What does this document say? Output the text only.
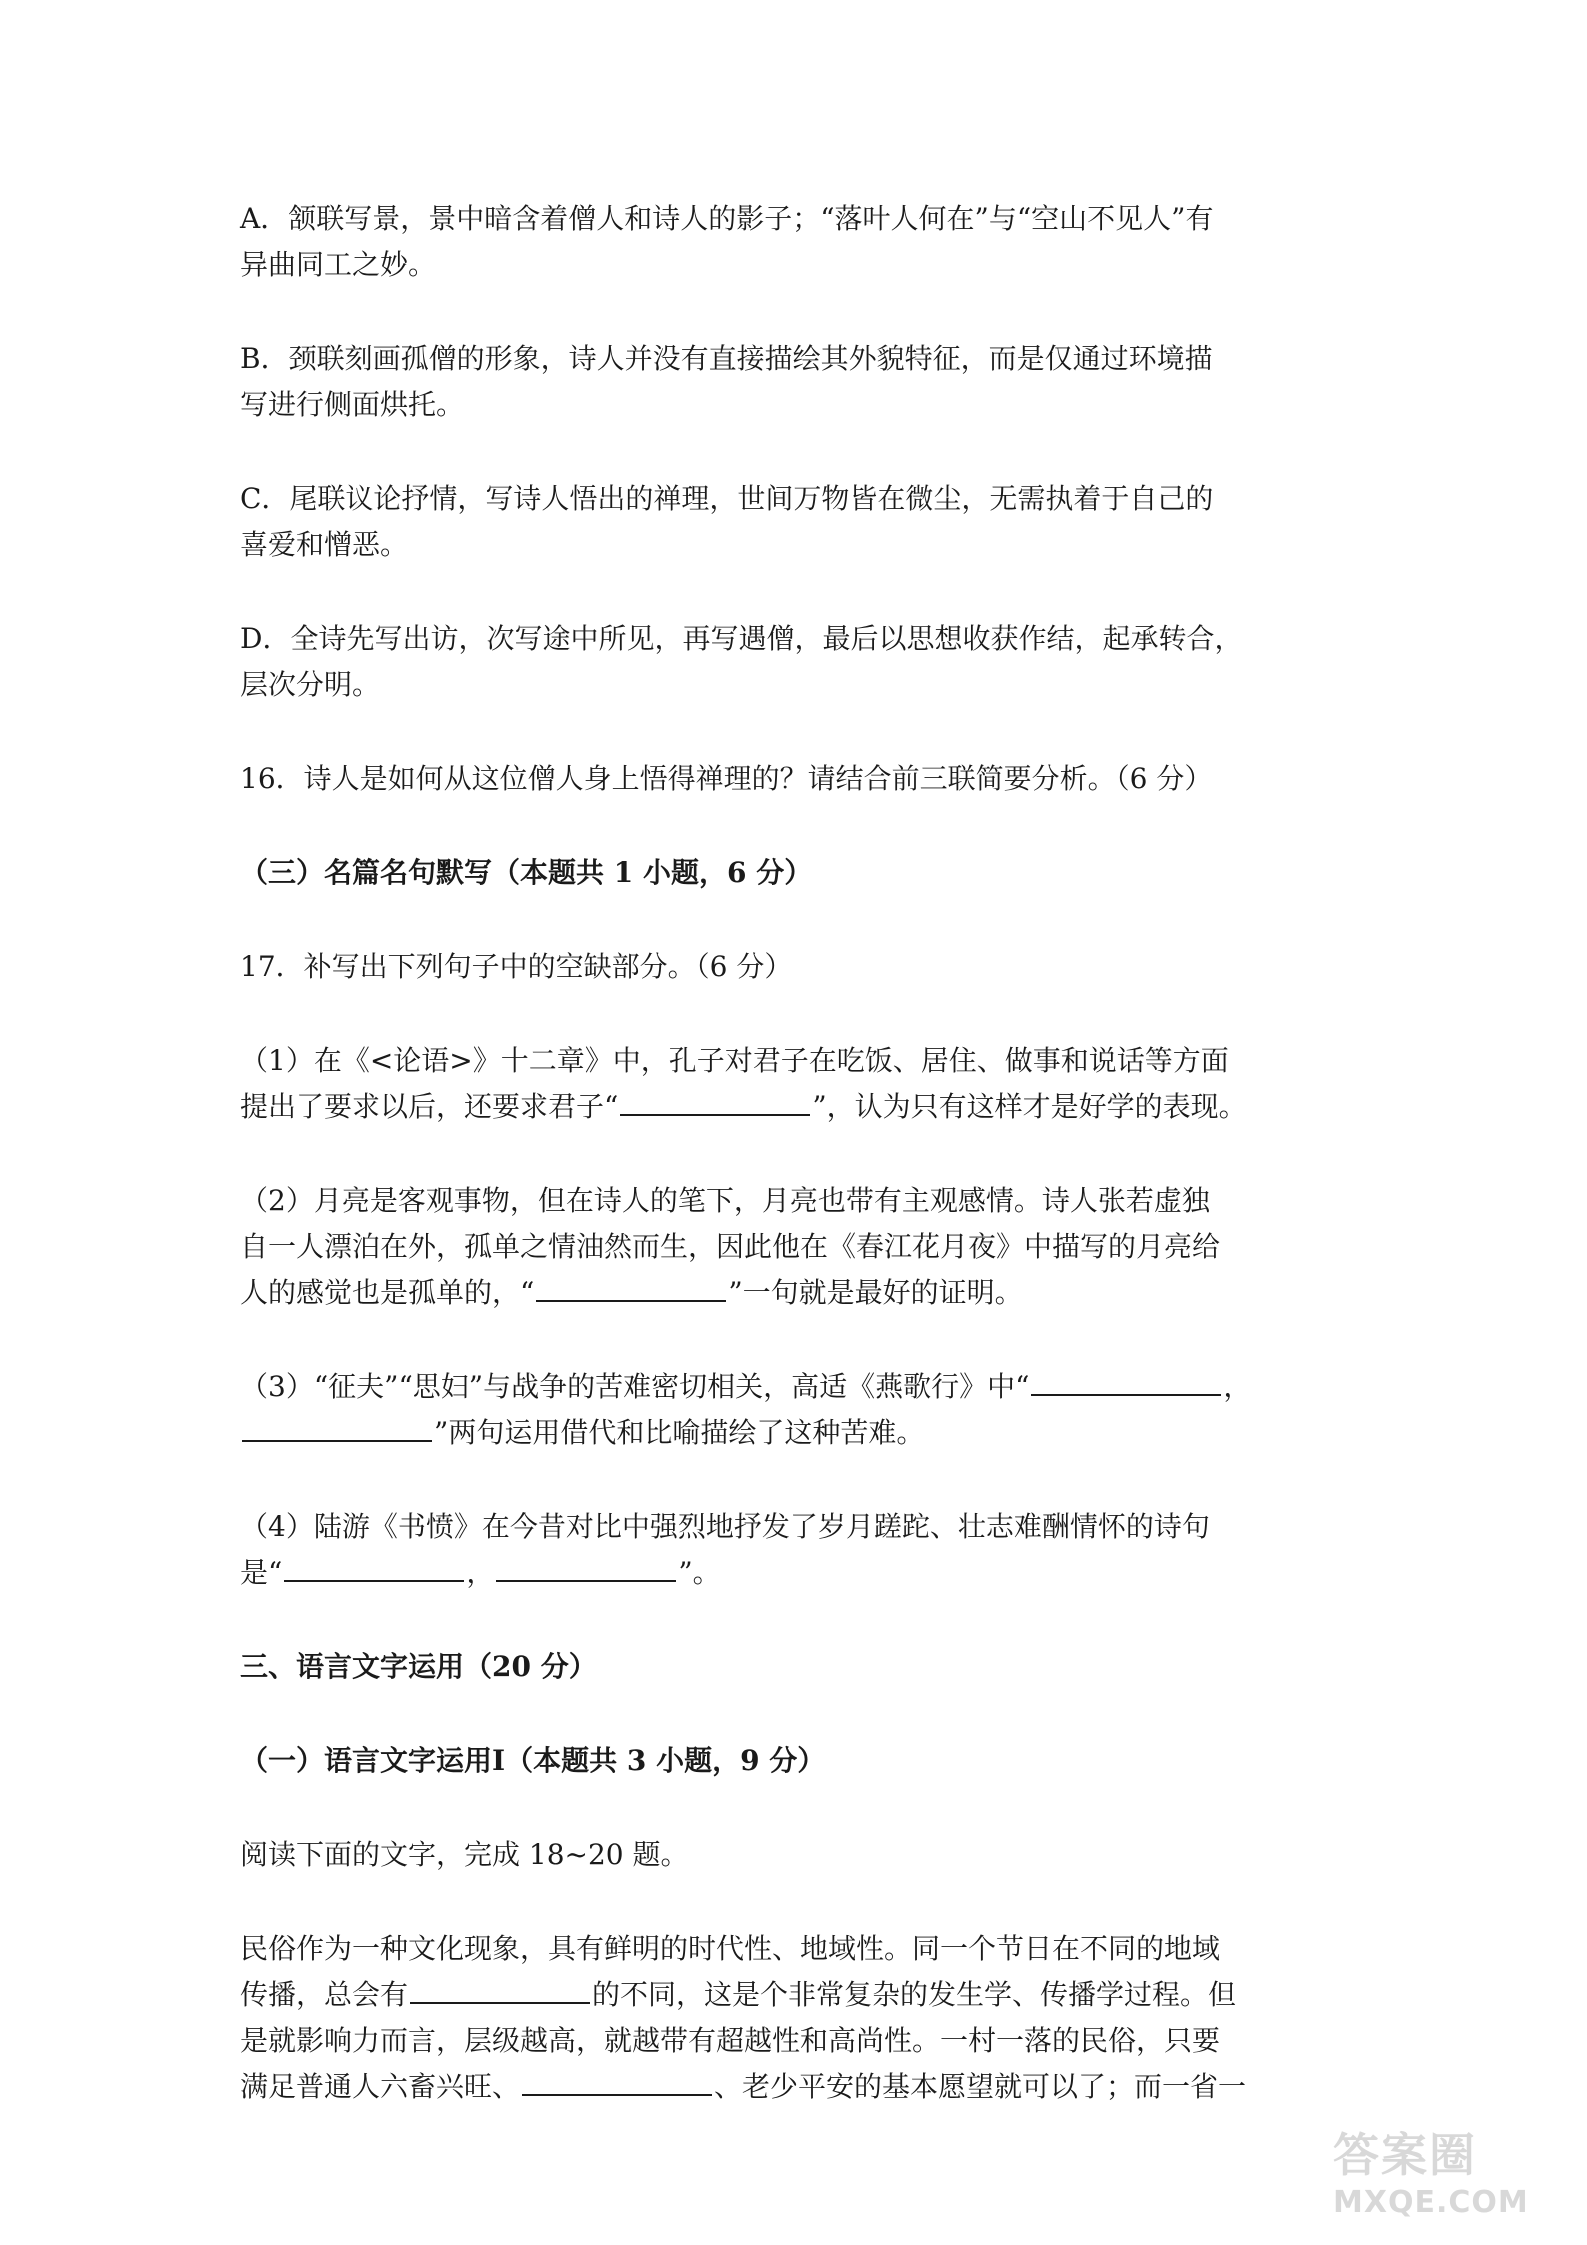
A．颔联写景，景中暗含着僧人和诗人的影子；“落叶人何在”与“空山不见人”有

异曲同工之妙。

B．颈联刻画孤僧的形象，诗人并没有直接描绘其外貌特征，而是仅通过环境描

写进行侧面烘托。

C．尾联议论抒情，写诗人悟出的禅理，世间万物皆在微尘，无需执着于自己的

喜爱和憎恶。

D．全诗先写出访，次写途中所见，再写遇僧，最后以思想收获作结，起承转合，

层次分明。

16．诗人是如何从这位僧人身上悟得禅理的？请结合前三联简要分析。（6 分）

（三）名篇名句默写（本题共 1 小题，6 分）

17．补写出下列句子中的空缺部分。（6 分）

（1）在《<论语>》十二章》中，孔子对君子在吃饭、居住、做事和说话等方面

提出了要求以后，还要求君子“	”，认为只有这样才是好学的表现。

（2）月亮是客观事物，但在诗人的笔下，月亮也带有主观感情。诗人张若虚独

自一人漂泊在外，孤单之情油然而生，因此他在《春江花月夜》中描写的月亮给

人的感觉也是孤单的，“	”一句就是最好的证明。

（3）“征夫”“思妇”与战争的苦难密切相关，高适《燕歌行》中“	，

”两句运用借代和比喻描绘了这种苦难。

（4）陆游《书愤》在今昔对比中强烈地抒发了岁月蹉跎、壮志难酬情怀的诗句

是“	，	”。

三、语言文字运用（20 分）

（一）语言文字运用Ⅰ（本题共 3 小题，9 分）

阅读下面的文字，完成 18~20 题。

民俗作为一种文化现象，具有鲜明的时代性、地域性。同一个节日在不同的地域

传播，总会有	的不同，这是个非常复杂的发生学、传播学过程。但

是就影响力而言，层级越高，就越带有超越性和高尚性。一村一落的民俗，只要

满足普通人六畜兴旺、	、老少平安的基本愿望就可以了；而一省一

答案圈
MXQE.COM
